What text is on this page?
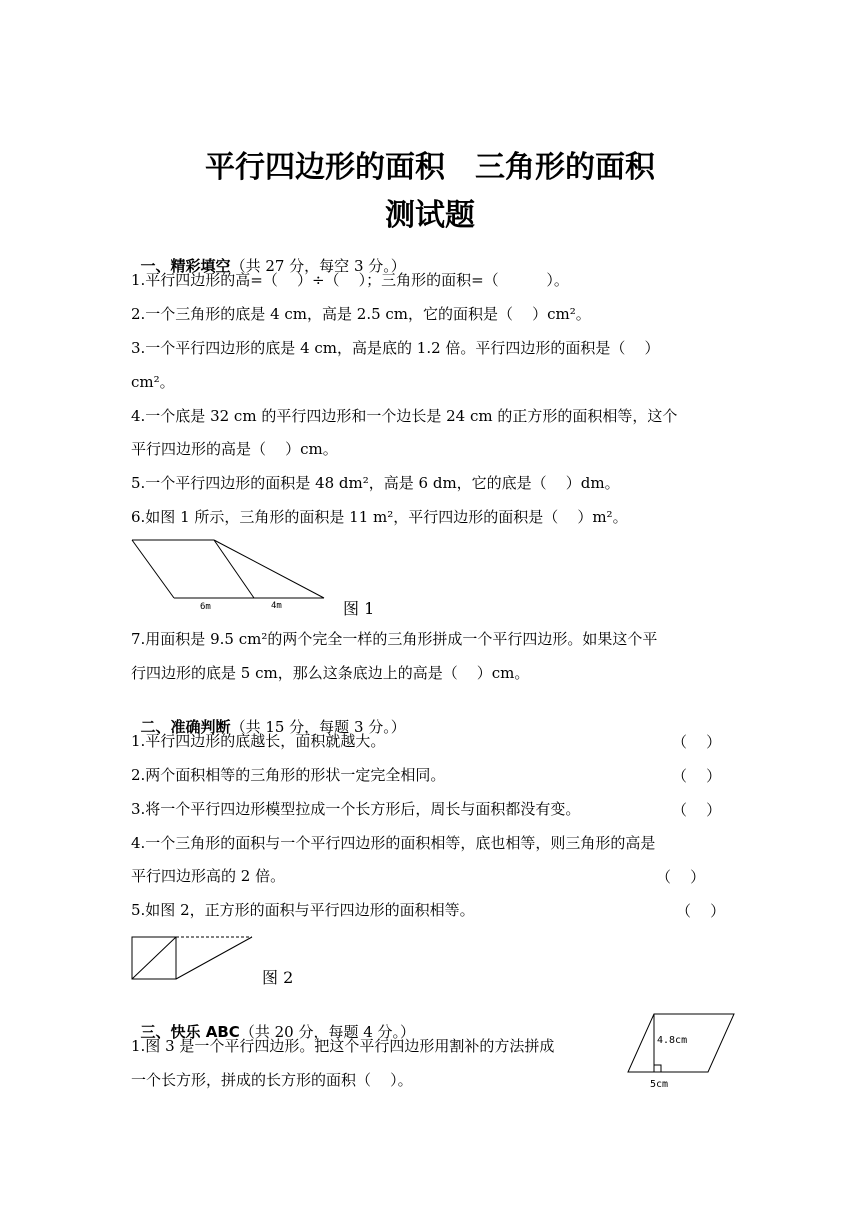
平行四边形的面积　三角形的面积
测试题

一、精彩填空（共 27 分，每空 3 分。）

1.平行四边形的高=（    ）÷（    ）；三角形的面积=（          ）。
2.一个三角形的底是 4 cm，高是 2.5 cm，它的面积是（    ）cm²。
3.一个平行四边形的底是 4 cm，高是底的 1.2 倍。平行四边形的面积是（    ）
cm²。
4.一个底是 32 cm 的平行四边形和一个边长是 24 cm 的正方形的面积相等，这个
平行四边形的高是（    ）cm。
5.一个平行四边形的面积是 48 dm²，高是 6 dm，它的底是（    ）dm。
6.如图 1 所示，三角形的面积是 11 m²，平行四边形的面积是（    ）m²。
6m	4m	图 1
7.用面积是 9.5 cm²的两个完全一样的三角形拼成一个平行四边形。如果这个平
行四边形的底是 5 cm，那么这条底边上的高是（    ）cm。

二、准确判断（共 15 分，每题 3 分。）

1.平行四边形的底越长，面积就越大。	（    ）
2.两个面积相等的三角形的形状一定完全相同。	（    ）
3.将一个平行四边形模型拉成一个长方形后，周长与面积都没有变。	（    ）
4.一个三角形的面积与一个平行四边形的面积相等，底也相等，则三角形的高是
平行四边形高的 2 倍。	（    ）
5.如图 2，正方形的面积与平行四边形的面积相等。	（    ）
图 2

三、快乐 ABC（共 20 分，每题 4 分。）

1.图 3 是一个平行四边形。把这个平行四边形用割补的方法拼成
一个长方形，拼成的长方形的面积（    ）。
4.8cm
5cm
